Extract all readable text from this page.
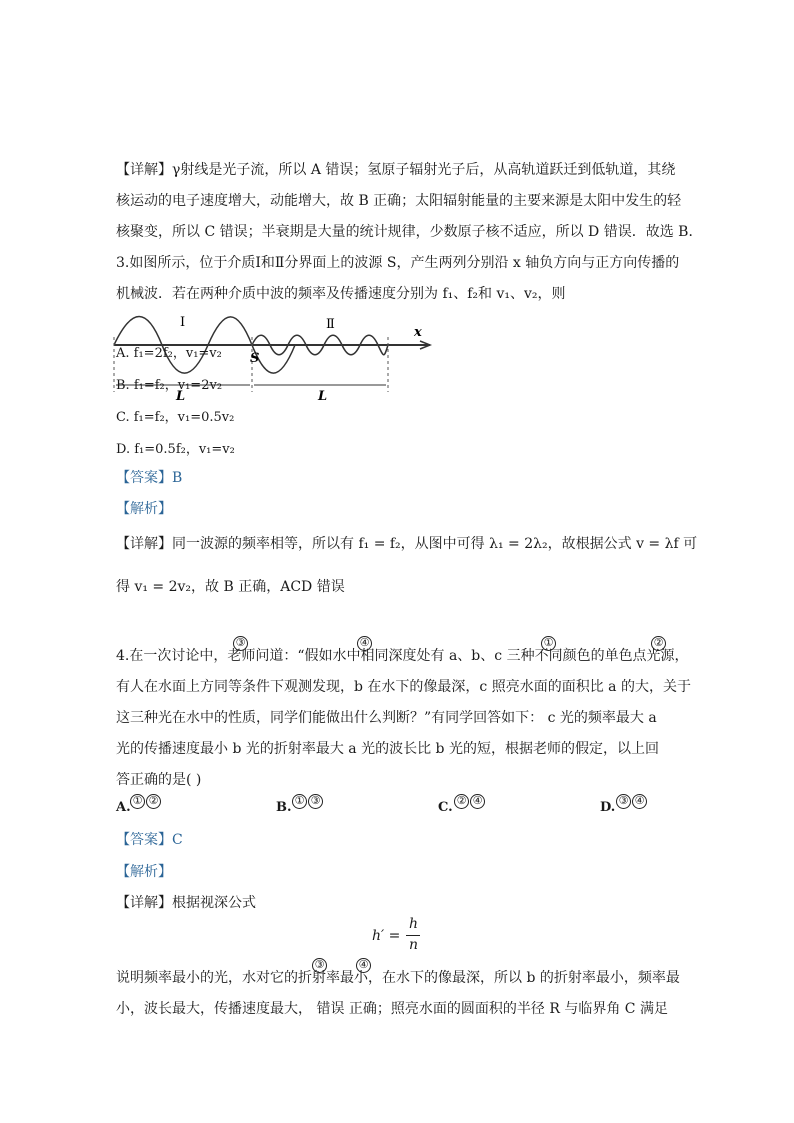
【详解】γ射线是光子流，所以 A 错误；氢原子辐射光子后，从高轨道跃迁到低轨道，其绕
核运动的电子速度增大，动能增大，故 B 正确；太阳辐射能量的主要来源是太阳中发生的轻
核聚变，所以 C 错误；半衰期是大量的统计规律，少数原子核不适应，所以 D 错误．故选 B．
3.如图所示，位于介质Ⅰ和Ⅱ分界面上的波源 S，产生两列分别沿 x 轴负方向与正方向传播的
机械波．若在两种介质中波的频率及传播速度分别为 f₁、f₂和 v₁、v₂，则
Ⅰ	Ⅱ
S
x
L	L
A. f₁=2f₂，v₁=v₂
B. f₁=f₂，v₁=2v₂
C. f₁=f₂，v₁=0.5v₂
D. f₁=0.5f₂，v₁=v₂
【答案】B
【解析】
【详解】同一波源的频率相等，所以有 f₁ = f₂，从图中可得 λ₁ = 2λ₂，故根据公式 v = λf 可
得 v₁ = 2v₂，故 B 正确，ACD 错误
③	④	①	②
4.在一次讨论中，老师问道：“假如水中相同深度处有 a、b、c 三种不同颜色的单色点光源，
有人在水面上方同等条件下观测发现，b 在水下的像最深，c 照亮水面的面积比 a 的大，关于
这三种光在水中的性质，同学们能做出什么判断？”有同学回答如下： c 光的频率最大 a
光的传播速度最小 b 光的折射率最大 a 光的波长比 b 光的短，根据老师的假定，以上回
答正确的是( )
A. ① ②	B. ① ③	C. ② ④	D. ③ ④
【答案】C
【解析】
【详解】根据视深公式
h′ =
h
n
③	④
说明频率最小的光，水对它的折射率最小，在水下的像最深，所以 b 的折射率最小，频率最
小，波长最大，传播速度最大， 错误 正确；照亮水面的圆面积的半径 R 与临界角 C 满足
